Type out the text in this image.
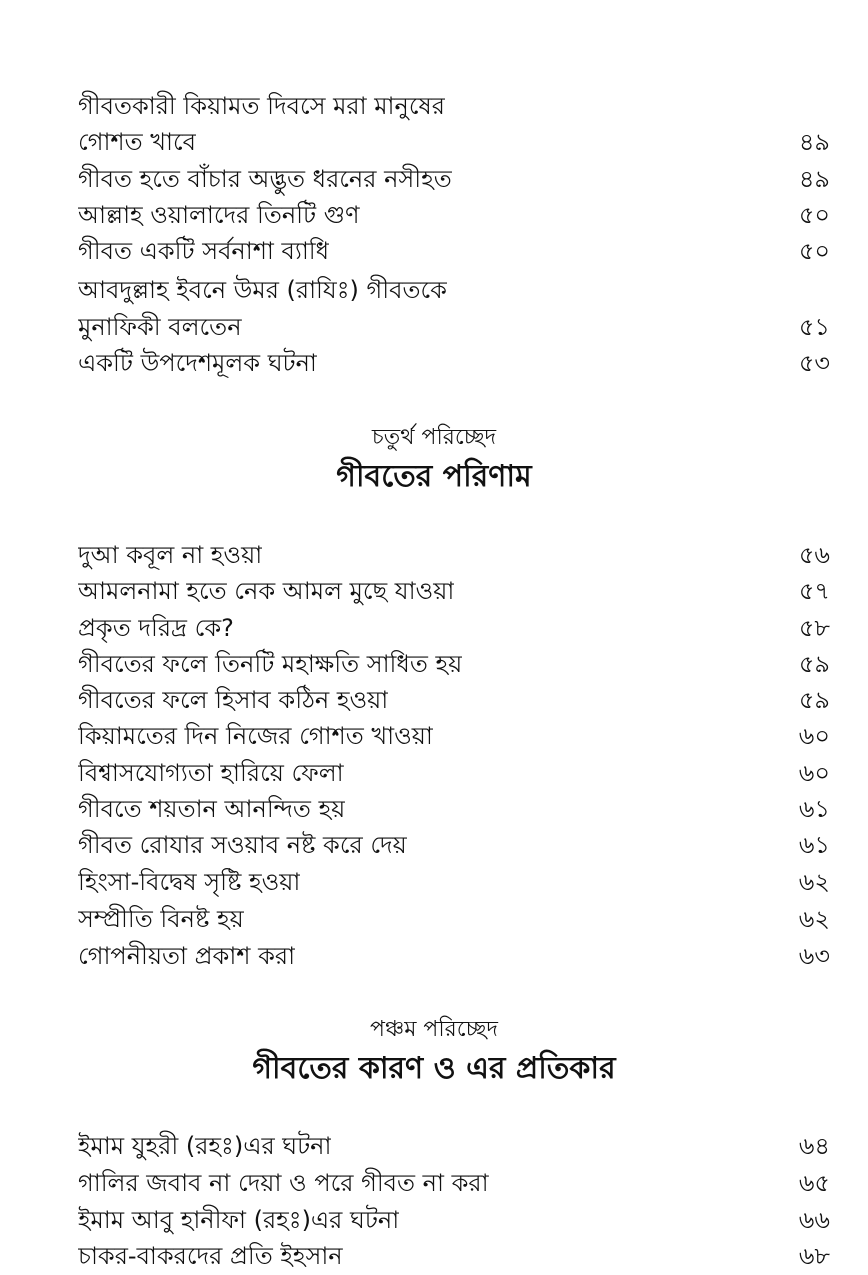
গীবতকারী কিয়ামত দিবসে মরা মানুষের
গোশত খাবে	৪৯
গীবত হতে বাঁচার অদ্ভুত ধরনের নসীহত	৪৯
আল্লাহ ওয়ালাদের তিনটি গুণ	৫০
গীবত একটি সর্বনাশা ব্যাধি	৫০
আবদুল্লাহ ইবনে উমর (রাযিঃ) গীবতকে
মুনাফিকী বলতেন	৫১
একটি উপদেশমূলক ঘটনা	৫৩
চতুর্থ পরিচ্ছেদ
গীবতের পরিণাম
দুআ কবূল না হওয়া	৫৬
আমলনামা হতে নেক আমল মুছে যাওয়া	৫৭
প্রকৃত দরিদ্র কে?	৫৮
গীবতের ফলে তিনটি মহাক্ষতি সাধিত হয়	৫৯
গীবতের ফলে হিসাব কঠিন হওয়া	৫৯
কিয়ামতের দিন নিজের গোশত খাওয়া	৬০
বিশ্বাসযোগ্যতা হারিয়ে ফেলা	৬০
গীবতে শয়তান আনন্দিত হয়	৬১
গীবত রোযার সওয়াব নষ্ট করে দেয়	৬১
হিংসা-বিদ্বেষ সৃষ্টি হওয়া	৬২
সম্প্রীতি বিনষ্ট হয়	৬২
গোপনীয়তা প্রকাশ করা	৬৩
পঞ্চম পরিচ্ছেদ
গীবতের কারণ ও এর প্রতিকার
ইমাম যুহরী (রহঃ)এর ঘটনা	৬৪
গালির জবাব না দেয়া ও পরে গীবত না করা	৬৫
ইমাম আবু হানীফা (রহঃ)এর ঘটনা	৬৬
চাকর-বাকরদের প্রতি ইহসান	৬৮
